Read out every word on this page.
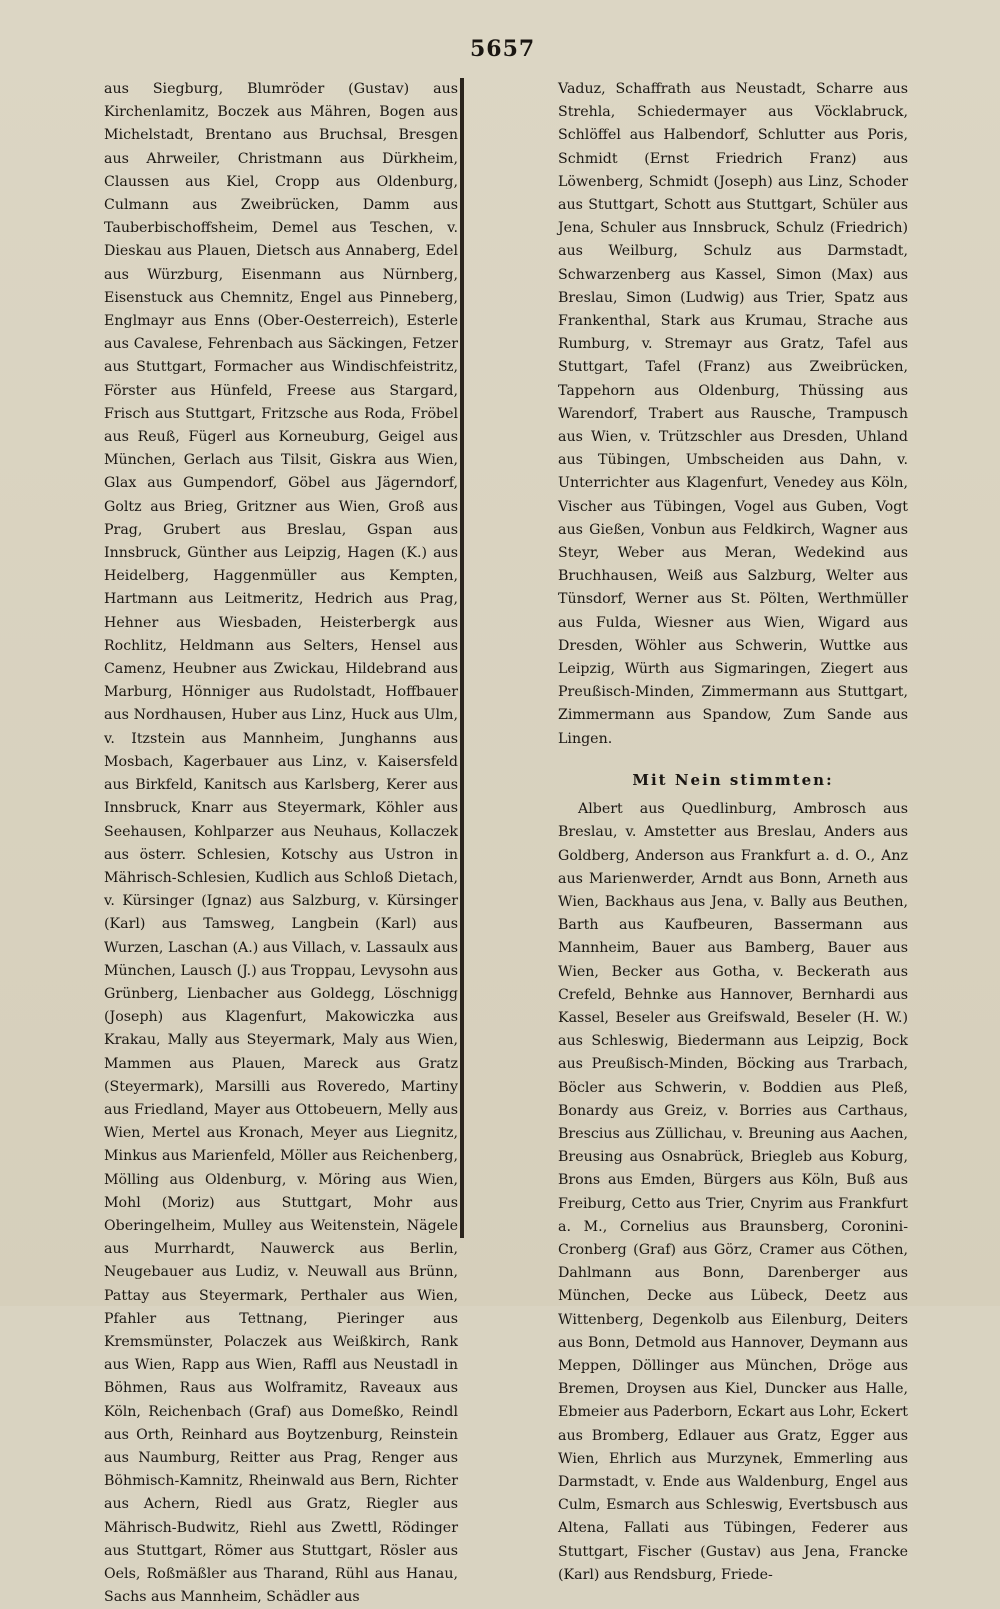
5657

aus Siegburg, Blumröder (Gustav) aus Kirchenlamitz, Boczek aus Mähren, Bogen aus Michelstadt, Brentano aus Bruchsal, Bresgen aus Ahrweiler, Christmann aus Dürkheim, Claussen aus Kiel, Cropp aus Oldenburg, Culmann aus Zweibrücken, Damm aus Tauberbischoffsheim, Demel aus Teschen, v. Dieskau aus Plauen, Dietsch aus Annaberg, Edel aus Würzburg, Eisenmann aus Nürnberg, Eisenstuck aus Chemnitz, Engel aus Pinneberg, Englmayr aus Enns (Ober-Oesterreich), Esterle aus Cavalese, Fehrenbach aus Säckingen, Fetzer aus Stuttgart, Formacher aus Windischfeistritz, Förster aus Hünfeld, Freese aus Stargard, Frisch aus Stuttgart, Fritzsche aus Roda, Fröbel aus Reuß, Fügerl aus Korneuburg, Geigel aus München, Gerlach aus Tilsit, Giskra aus Wien, Glax aus Gumpendorf, Göbel aus Jägerndorf, Goltz aus Brieg, Gritzner aus Wien, Groß aus Prag, Grubert aus Breslau, Gspan aus Innsbruck, Günther aus Leipzig, Hagen (K.) aus Heidelberg, Haggenmüller aus Kempten, Hartmann aus Leitmeritz, Hedrich aus Prag, Hehner aus Wiesbaden, Heisterbergk aus Rochlitz, Heldmann aus Selters, Hensel aus Camenz, Heubner aus Zwickau, Hildebrand aus Marburg, Hönniger aus Rudolstadt, Hoffbauer aus Nordhausen, Huber aus Linz, Huck aus Ulm, v. Itzstein aus Mannheim, Junghanns aus Mosbach, Kagerbauer aus Linz, v. Kaisersfeld aus Birkfeld, Kanitsch aus Karlsberg, Kerer aus Innsbruck, Knarr aus Steyermark, Köhler aus Seehausen, Kohlparzer aus Neuhaus, Kollaczek aus österr. Schlesien, Kotschy aus Ustron in Mährisch-Schlesien, Kudlich aus Schloß Dietach, v. Kürsinger (Ignaz) aus Salzburg, v. Kürsinger (Karl) aus Tamsweg, Langbein (Karl) aus Wurzen, Laschan (A.) aus Villach, v. Lassaulx aus München, Lausch (J.) aus Troppau, Levysohn aus Grünberg, Lienbacher aus Goldegg, Löschnigg (Joseph) aus Klagenfurt, Makowiczka aus Krakau, Mally aus Steyermark, Maly aus Wien, Mammen aus Plauen, Mareck aus Gratz (Steyermark), Marsilli aus Roveredo, Martiny aus Friedland, Mayer aus Ottobeuern, Melly aus Wien, Mertel aus Kronach, Meyer aus Liegnitz, Minkus aus Marienfeld, Möller aus Reichenberg, Mölling aus Oldenburg, v. Möring aus Wien, Mohl (Moriz) aus Stuttgart, Mohr aus Oberingelheim, Mulley aus Weitenstein, Nägele aus Murrhardt, Nauwerck aus Berlin, Neugebauer aus Ludiz, v. Neuwall aus Brünn, Pattay aus Steyermark, Perthaler aus Wien, Pfahler aus Tettnang, Pieringer aus Kremsmünster, Polaczek aus Weißkirch, Rank aus Wien, Rapp aus Wien, Raffl aus Neustadl in Böhmen, Raus aus Wolframitz, Raveaux aus Köln, Reichenbach (Graf) aus Domeßko, Reindl aus Orth, Reinhard aus Boytzenburg, Reinstein aus Naumburg, Reitter aus Prag, Renger aus Böhmisch-Kamnitz, Rheinwald aus Bern, Richter aus Achern, Riedl aus Gratz, Riegler aus Mährisch-Budwitz, Riehl aus Zwettl, Rödinger aus Stuttgart, Römer aus Stuttgart, Rösler aus Oels, Roßmäßler aus Tharand, Rühl aus Hanau, Sachs aus Mannheim, Schädler aus

Vaduz, Schaffrath aus Neustadt, Scharre aus Strehla, Schiedermayer aus Vöcklabruck, Schlöffel aus Halbendorf, Schlutter aus Poris, Schmidt (Ernst Friedrich Franz) aus Löwenberg, Schmidt (Joseph) aus Linz, Schoder aus Stuttgart, Schott aus Stuttgart, Schüler aus Jena, Schuler aus Innsbruck, Schulz (Friedrich) aus Weilburg, Schulz aus Darmstadt, Schwarzenberg aus Kassel, Simon (Max) aus Breslau, Simon (Ludwig) aus Trier, Spatz aus Frankenthal, Stark aus Krumau, Strache aus Rumburg, v. Stremayr aus Gratz, Tafel aus Stuttgart, Tafel (Franz) aus Zweibrücken, Tappehorn aus Oldenburg, Thüssing aus Warendorf, Trabert aus Rausche, Trampusch aus Wien, v. Trützschler aus Dresden, Uhland aus Tübingen, Umbscheiden aus Dahn, v. Unterrichter aus Klagenfurt, Venedey aus Köln, Vischer aus Tübingen, Vogel aus Guben, Vogt aus Gießen, Vonbun aus Feldkirch, Wagner aus Steyr, Weber aus Meran, Wedekind aus Bruchhausen, Weiß aus Salzburg, Welter aus Tünsdorf, Werner aus St. Pölten, Werthmüller aus Fulda, Wiesner aus Wien, Wigard aus Dresden, Wöhler aus Schwerin, Wuttke aus Leipzig, Würth aus Sigmaringen, Ziegert aus Preußisch-Minden, Zimmermann aus Stuttgart, Zimmermann aus Spandow, Zum Sande aus Lingen.

Mit Nein stimmten:

Albert aus Quedlinburg, Ambrosch aus Breslau, v. Amstetter aus Breslau, Anders aus Goldberg, Anderson aus Frankfurt a. d. O., Anz aus Marienwerder, Arndt aus Bonn, Arneth aus Wien, Backhaus aus Jena, v. Bally aus Beuthen, Barth aus Kaufbeuren, Bassermann aus Mannheim, Bauer aus Bamberg, Bauer aus Wien, Becker aus Gotha, v. Beckerath aus Crefeld, Behnke aus Hannover, Bernhardi aus Kassel, Beseler aus Greifswald, Beseler (H. W.) aus Schleswig, Biedermann aus Leipzig, Bock aus Preußisch-Minden, Böcking aus Trarbach, Böcler aus Schwerin, v. Boddien aus Pleß, Bonardy aus Greiz, v. Borries aus Carthaus, Brescius aus Züllichau, v. Breuning aus Aachen, Breusing aus Osnabrück, Briegleb aus Koburg, Brons aus Emden, Bürgers aus Köln, Buß aus Freiburg, Cetto aus Trier, Cnyrim aus Frankfurt a. M., Cornelius aus Braunsberg, Coronini-Cronberg (Graf) aus Görz, Cramer aus Cöthen, Dahlmann aus Bonn, Darenberger aus München, Decke aus Lübeck, Deetz aus Wittenberg, Degenkolb aus Eilenburg, Deiters aus Bonn, Detmold aus Hannover, Deymann aus Meppen, Döllinger aus München, Dröge aus Bremen, Droysen aus Kiel, Duncker aus Halle, Ebmeier aus Paderborn, Eckart aus Lohr, Eckert aus Bromberg, Edlauer aus Gratz, Egger aus Wien, Ehrlich aus Murzynek, Emmerling aus Darmstadt, v. Ende aus Waldenburg, Engel aus Culm, Esmarch aus Schleswig, Evertsbusch aus Altena, Fallati aus Tübingen, Federer aus Stuttgart, Fischer (Gustav) aus Jena, Francke (Karl) aus Rendsburg, Friede-
